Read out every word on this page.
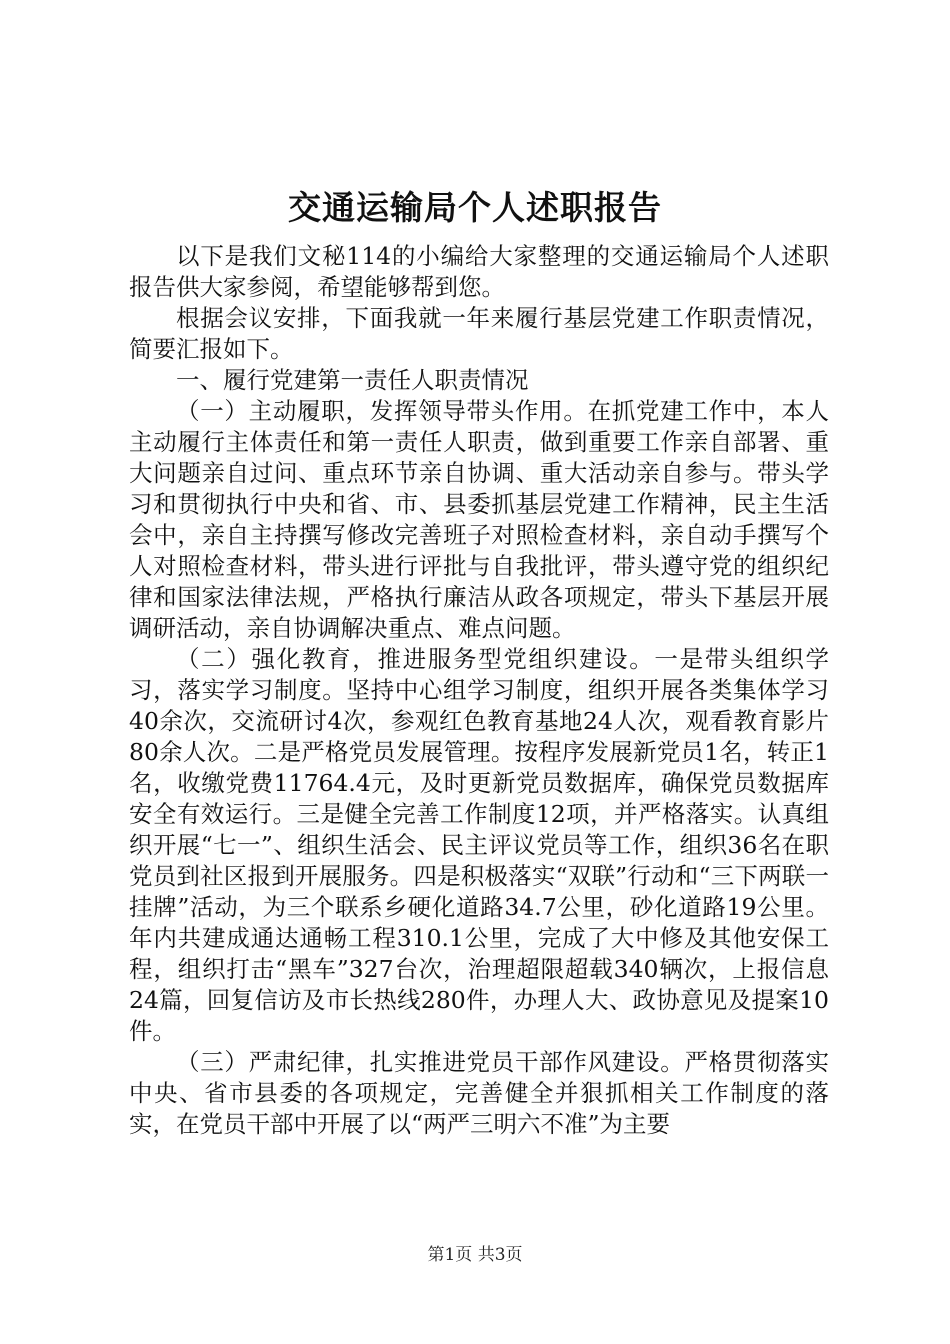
交通运输局个人述职报告

以下是我们文秘114的小编给大家整理的交通运输局个人述职报告供大家参阅，希望能够帮到您。

根据会议安排，下面我就一年来履行基层党建工作职责情况，简要汇报如下。

一、履行党建第一责任人职责情况

（一）主动履职，发挥领导带头作用。在抓党建工作中，本人主动履行主体责任和第一责任人职责，做到重要工作亲自部署、重大问题亲自过问、重点环节亲自协调、重大活动亲自参与。带头学习和贯彻执行中央和省、市、县委抓基层党建工作精神，民主生活会中，亲自主持撰写修改完善班子对照检查材料，亲自动手撰写个人对照检查材料，带头进行评批与自我批评，带头遵守党的组织纪律和国家法律法规，严格执行廉洁从政各项规定，带头下基层开展调研活动，亲自协调解决重点、难点问题。

（二）强化教育，推进服务型党组织建设。一是带头组织学习，落实学习制度。坚持中心组学习制度，组织开展各类集体学习40余次，交流研讨4次，参观红色教育基地24人次，观看教育影片80余人次。二是严格党员发展管理。按程序发展新党员1名，转正1名，收缴党费11764.4元，及时更新党员数据库，确保党员数据库安全有效运行。三是健全完善工作制度12项，并严格落实。认真组织开展“七一”、组织生活会、民主评议党员等工作，组织36名在职党员到社区报到开展服务。四是积极落实“双联”行动和“三下两联一挂牌”活动，为三个联系乡硬化道路34.7公里，砂化道路19公里。年内共建成通达通畅工程310.1公里，完成了大中修及其他安保工程，组织打击“黑车”327台次，治理超限超载340辆次，上报信息24篇，回复信访及市长热线280件，办理人大、政协意见及提案10件。

（三）严肃纪律，扎实推进党员干部作风建设。严格贯彻落实中央、省市县委的各项规定，完善健全并狠抓相关工作制度的落实，在党员干部中开展了以“两严三明六不准”为主要

第1页 共3页
